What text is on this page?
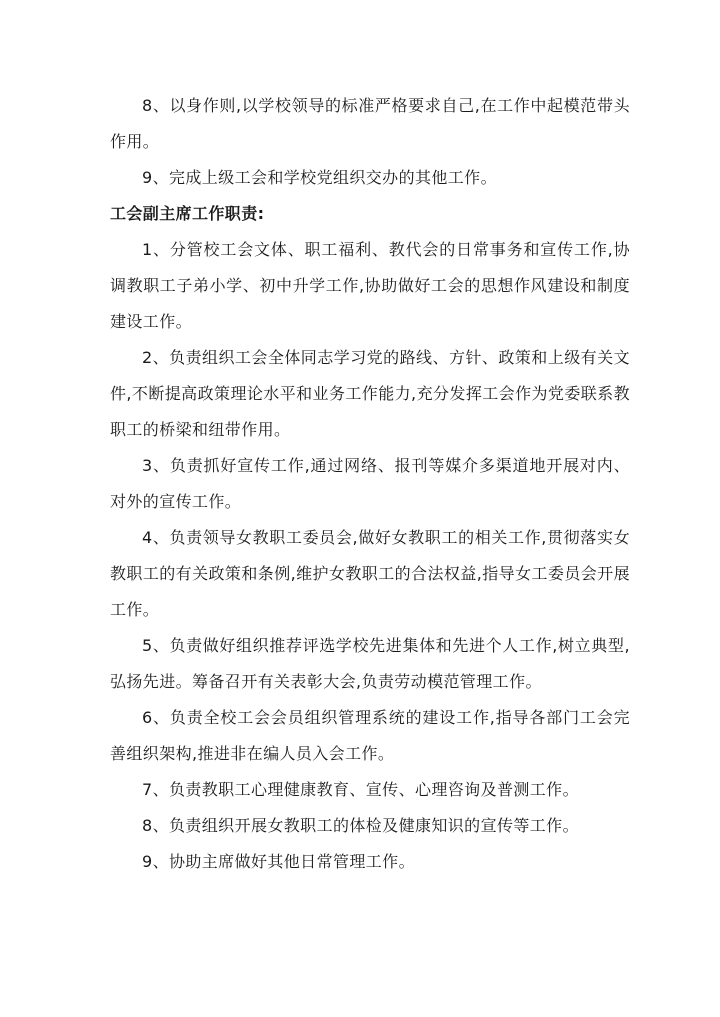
8、以身作则,以学校领导的标准严格要求自己,在工作中起模范带头作用。

9、完成上级工会和学校党组织交办的其他工作。

工会副主席工作职责:

1、分管校工会文体、职工福利、教代会的日常事务和宣传工作,协调教职工子弟小学、初中升学工作,协助做好工会的思想作风建设和制度建设工作。

2、负责组织工会全体同志学习党的路线、方针、政策和上级有关文件,不断提高政策理论水平和业务工作能力,充分发挥工会作为党委联系教职工的桥梁和纽带作用。

3、负责抓好宣传工作,通过网络、报刊等媒介多渠道地开展对内、对外的宣传工作。

4、负责领导女教职工委员会,做好女教职工的相关工作,贯彻落实女教职工的有关政策和条例,维护女教职工的合法权益,指导女工委员会开展工作。

5、负责做好组织推荐评选学校先进集体和先进个人工作,树立典型,弘扬先进。筹备召开有关表彰大会,负责劳动模范管理工作。

6、负责全校工会会员组织管理系统的建设工作,指导各部门工会完善组织架构,推进非在编人员入会工作。

7、负责教职工心理健康教育、宣传、心理咨询及普测工作。

8、负责组织开展女教职工的体检及健康知识的宣传等工作。

9、协助主席做好其他日常管理工作。
